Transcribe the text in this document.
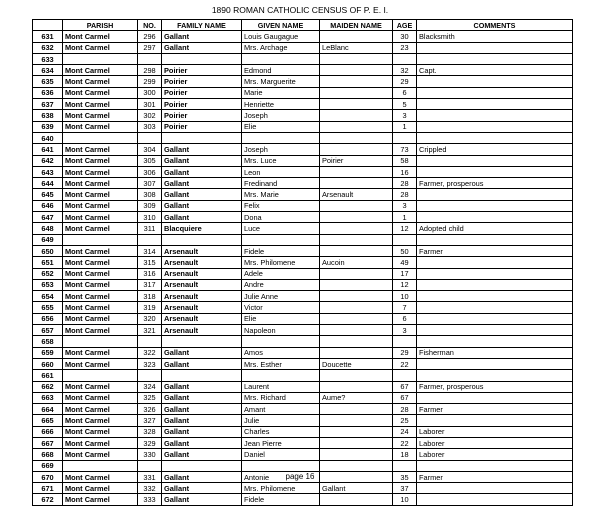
1890 ROMAN CATHOLIC CENSUS OF P. E. I.
	PARISH	NO.	FAMILY NAME	GIVEN NAME	MAIDEN NAME	AGE	COMMENTS
631	Mont Carmel	296	Gallant	Louis Gaugague		30	Blacksmith
632	Mont Carmel	297	Gallant	Mrs. Archage	LeBlanc	23	
633							
634	Mont Carmel	298	Poirier	Edmond		32	Capt.
635	Mont Carmel	299	Poirier	Mrs. Marguerite		29	
636	Mont Carmel	300	Poirier	Marie		6	
637	Mont Carmel	301	Poirier	Henriette		5	
638	Mont Carmel	302	Poirier	Joseph		3	
639	Mont Carmel	303	Poirier	Elie		1	
640							
641	Mont Carmel	304	Gallant	Joseph		73	Crippled
642	Mont Carmel	305	Gallant	Mrs. Luce	Poirier	58	
643	Mont Carmel	306	Gallant	Leon		16	
644	Mont Carmel	307	Gallant	Fredinand		28	Farmer, prosperous
645	Mont Carmel	308	Gallant	Mrs. Marie	Arsenault	28	
646	Mont Carmel	309	Gallant	Felix		3	
647	Mont Carmel	310	Gallant	Dona		1	
648	Mont Carmel	311	Blacquiere	Luce		12	Adopted child
649							
650	Mont Carmel	314	Arsenault	Fidele		50	Farmer
651	Mont Carmel	315	Arsenault	Mrs. Philomene	Aucoin	49	
652	Mont Carmel	316	Arsenault	Adele		17	
653	Mont Carmel	317	Arsenault	Andre		12	
654	Mont Carmel	318	Arsenault	Julie Anne		10	
655	Mont Carmel	319	Arsenault	Victor		7	
656	Mont Carmel	320	Arsenault	Elie		6	
657	Mont Carmel	321	Arsenault	Napoleon		3	
658							
659	Mont Carmel	322	Gallant	Amos		29	Fisherman
660	Mont Carmel	323	Gallant	Mrs. Esther	Doucette	22	
661							
662	Mont Carmel	324	Gallant	Laurent		67	Farmer, prosperous
663	Mont Carmel	325	Gallant	Mrs. Richard	Aume?	67	
664	Mont Carmel	326	Gallant	Amant		28	Farmer
665	Mont Carmel	327	Gallant	Julie		25	
666	Mont Carmel	328	Gallant	Charles		24	Laborer
667	Mont Carmel	329	Gallant	Jean Pierre		22	Laborer
668	Mont Carmel	330	Gallant	Daniel		18	Laborer
669							
670	Mont Carmel	331	Gallant	Antonie		35	Farmer
671	Mont Carmel	332	Gallant	Mrs. Philomene	Gallant	37	
672	Mont Carmel	333	Gallant	Fidele		10	
page 16
